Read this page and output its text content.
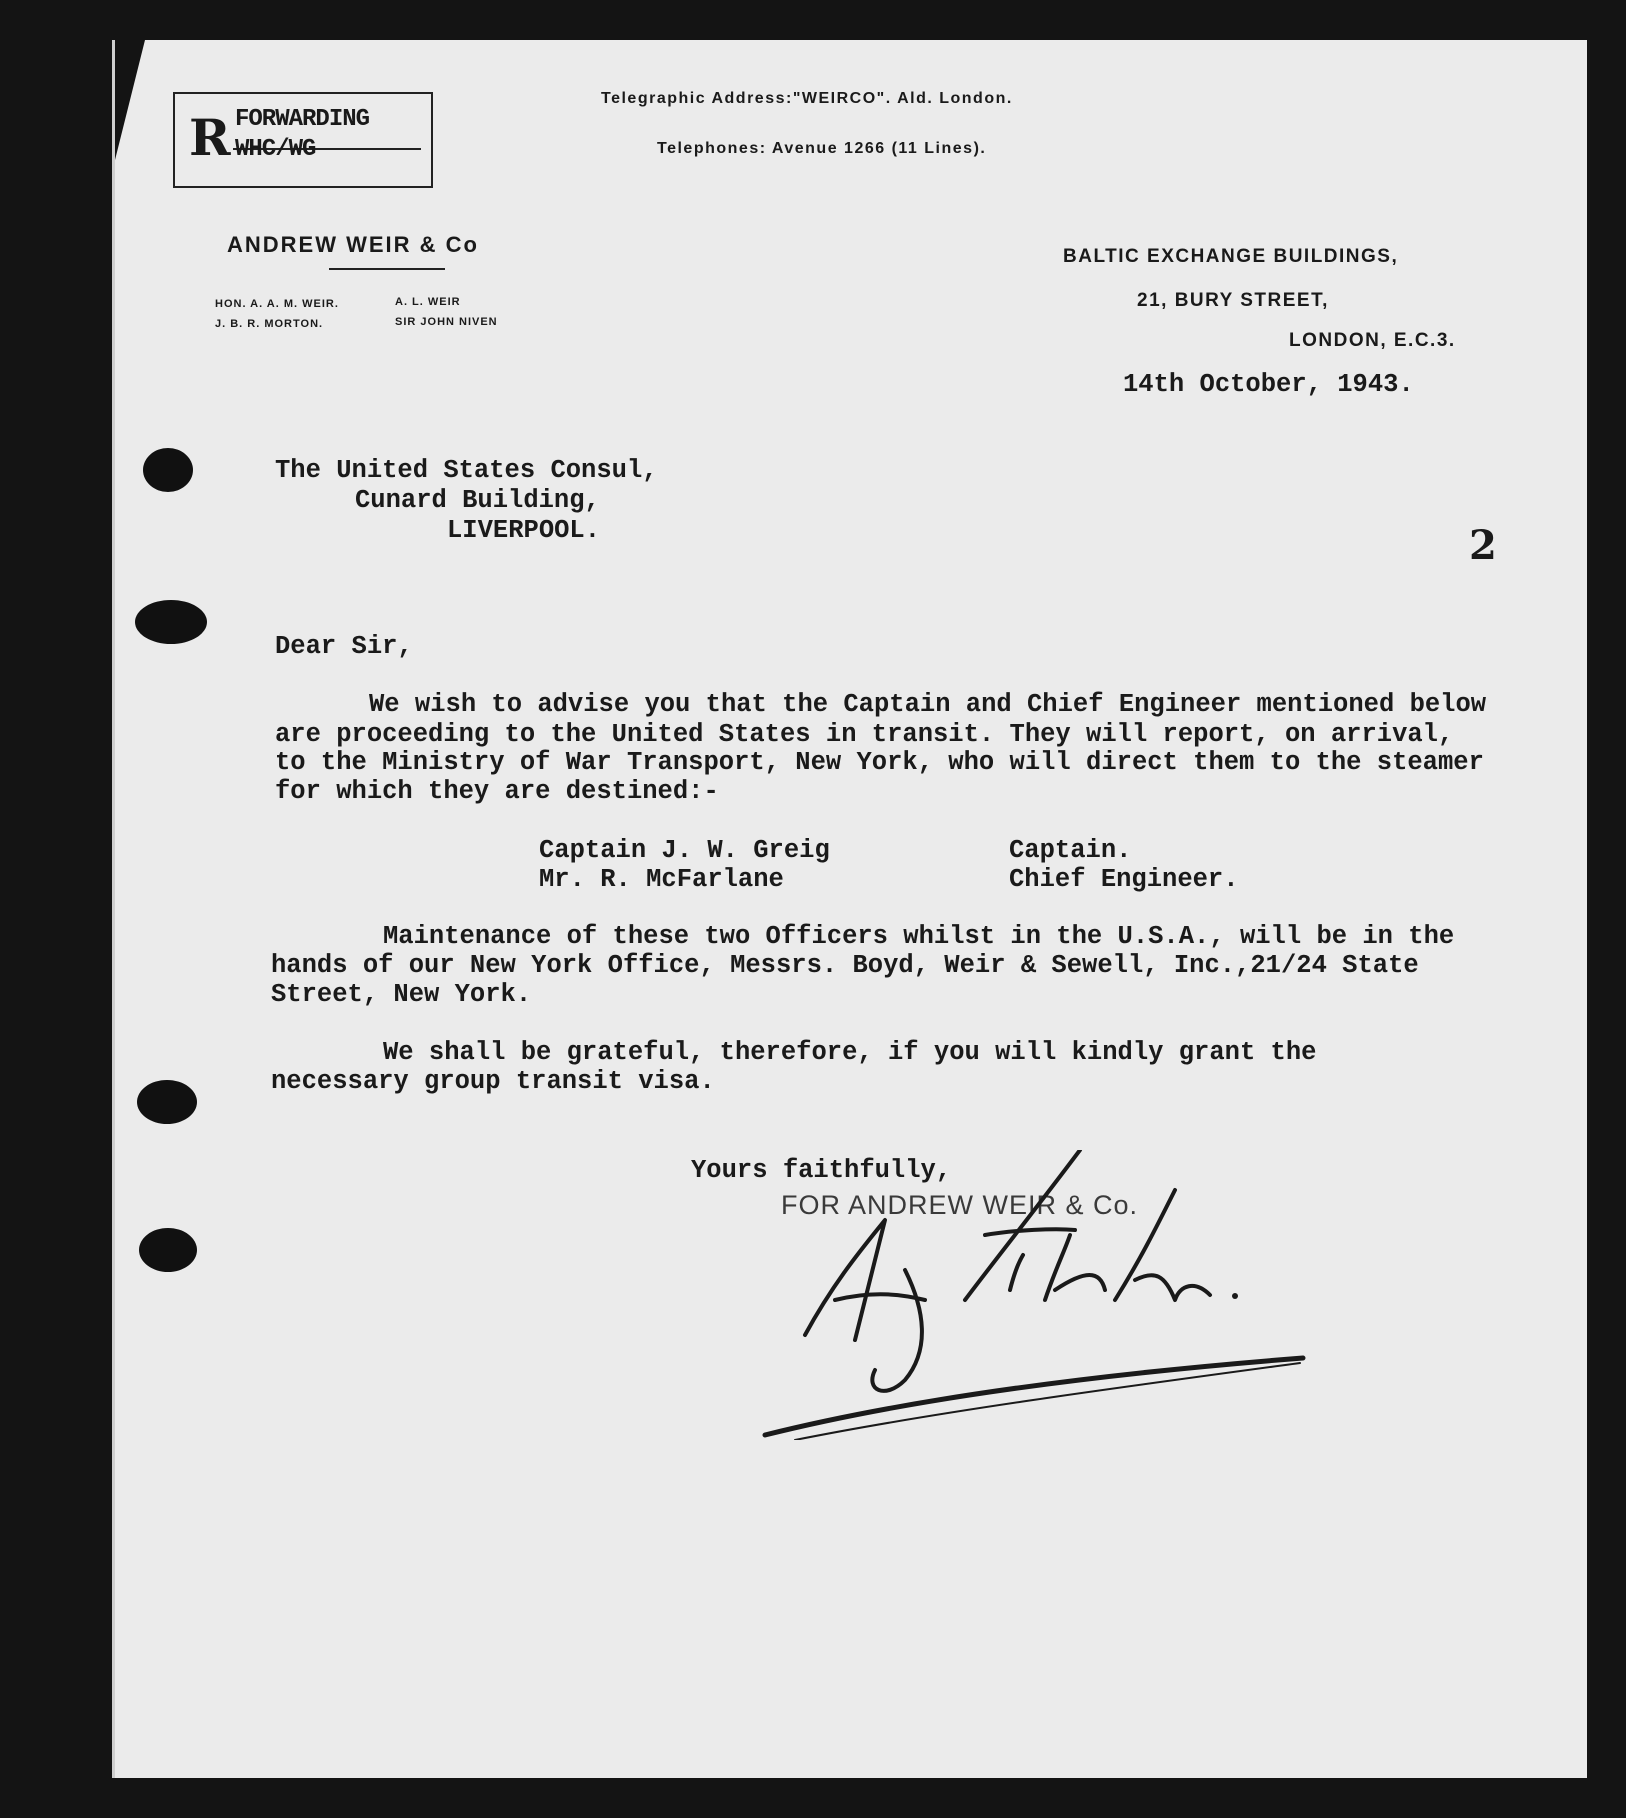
R FORWARDING
WHC/WG
Telegraphic Address:"WEIRCO". Ald. London.
Telephones: Avenue 1266 (11 Lines).
ANDREW WEIR & Co
HON. A. A. M. WEIR.
J. B. R. MORTON.
A. L. WEIR
SIR JOHN NIVEN
BALTIC EXCHANGE BUILDINGS,
21, BURY STREET,
LONDON, E.C.3.
14th October, 1943.
The United States Consul,
Cunard Building,
LIVERPOOL.	2
Dear Sir,
We wish to advise you that the Captain and Chief Engineer mentioned below
are proceeding to the United States in transit. They will report, on arrival,
to the Ministry of War Transport, New York, who will direct them to the steamer
for which they are destined:-
Captain J. W. Greig	Captain.
Mr. R. McFarlane	Chief Engineer.
Maintenance of these two Officers whilst in the U.S.A., will be in the
hands of our New York Office, Messrs. Boyd, Weir & Sewell, Inc.,21/24 State
Street, New York.
We shall be grateful, therefore, if you will kindly grant the
necessary group transit visa.
Yours faithfully,
FOR ANDREW WEIR & Co.
